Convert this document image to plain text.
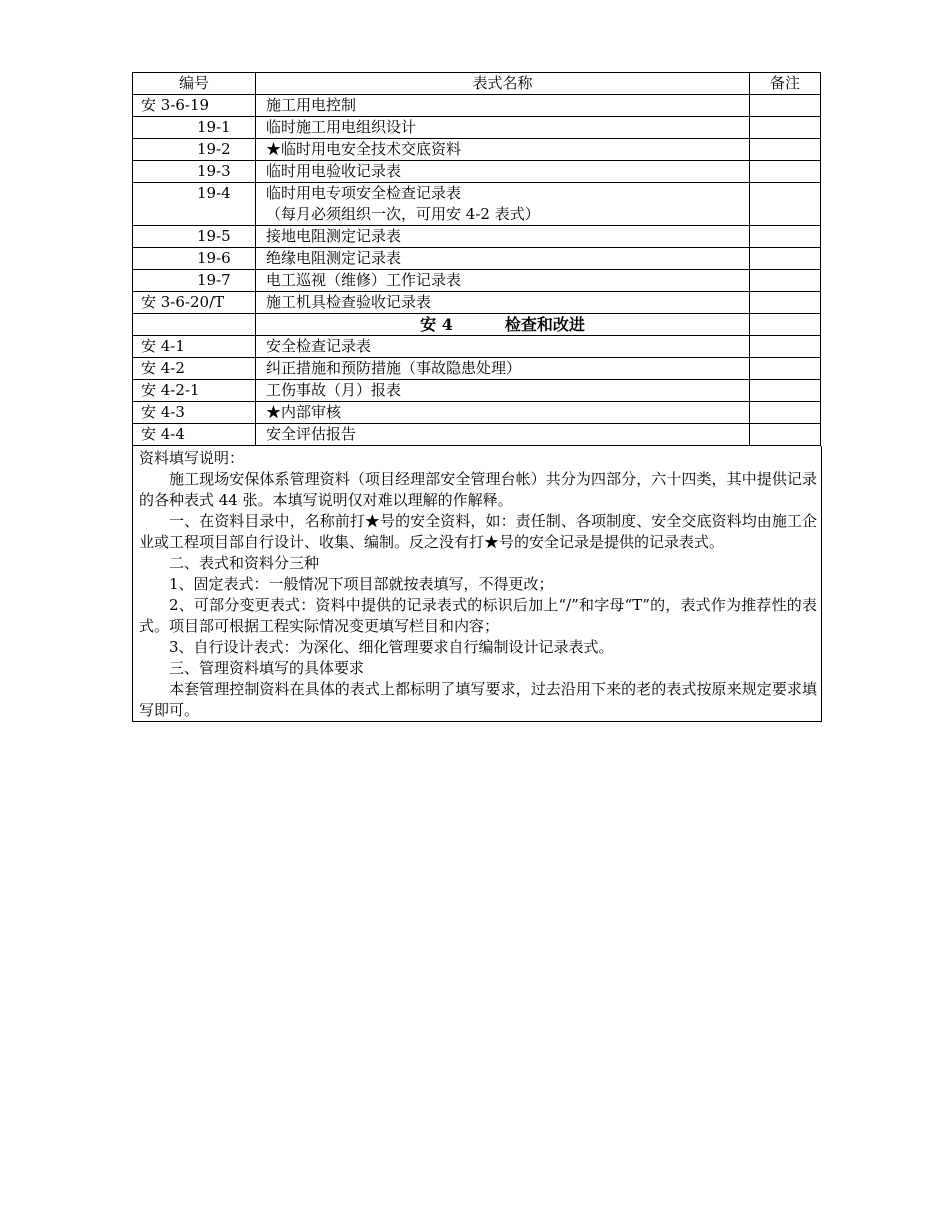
编号	表式名称	备注
安 3-6-19	施工用电控制	

19-1	临时施工用电组织设计	

19-2	★临时用电安全技术交底资料	

19-3	临时用电验收记录表	

19-4	临时用电专项安全检查记录表
（每月必须组织一次，可用安 4-2 表式）	

19-5	接地电阻测定记录表	

19-6	绝缘电阻测定记录表	

19-7	电工巡视（维修）工作记录表	

安 3-6-20/T	施工机具检查验收记录表	

	安 4 检查和改进	
安 4-1	安全检查记录表	
安 4-2	纠正措施和预防措施（事故隐患处理）	
安 4-2-1	工伤事故（月）报表	
安 4-3	★内部审核	
安 4-4	安全评估报告	

资料填写说明：

施工现场安保体系管理资料（项目经理部安全管理台帐）共分为四部分，六十四类，其中提供记录的各种表式 44 张。本填写说明仅对难以理解的作解释。

一、在资料目录中，名称前打★号的安全资料，如：责任制、各项制度、安全交底资料均由施工企业或工程项目部自行设计、收集、编制。反之没有打★号的安全记录是提供的记录表式。

二、表式和资料分三种

1、固定表式：一般情况下项目部就按表填写，不得更改；

2、可部分变更表式：资料中提供的记录表式的标识后加上“/”和字母“T”的，表式作为推荐性的表式。项目部可根据工程实际情况变更填写栏目和内容；

3、自行设计表式：为深化、细化管理要求自行编制设计记录表式。

三、管理资料填写的具体要求

本套管理控制资料在具体的表式上都标明了填写要求，过去沿用下来的老的表式按原来规定要求填写即可。
